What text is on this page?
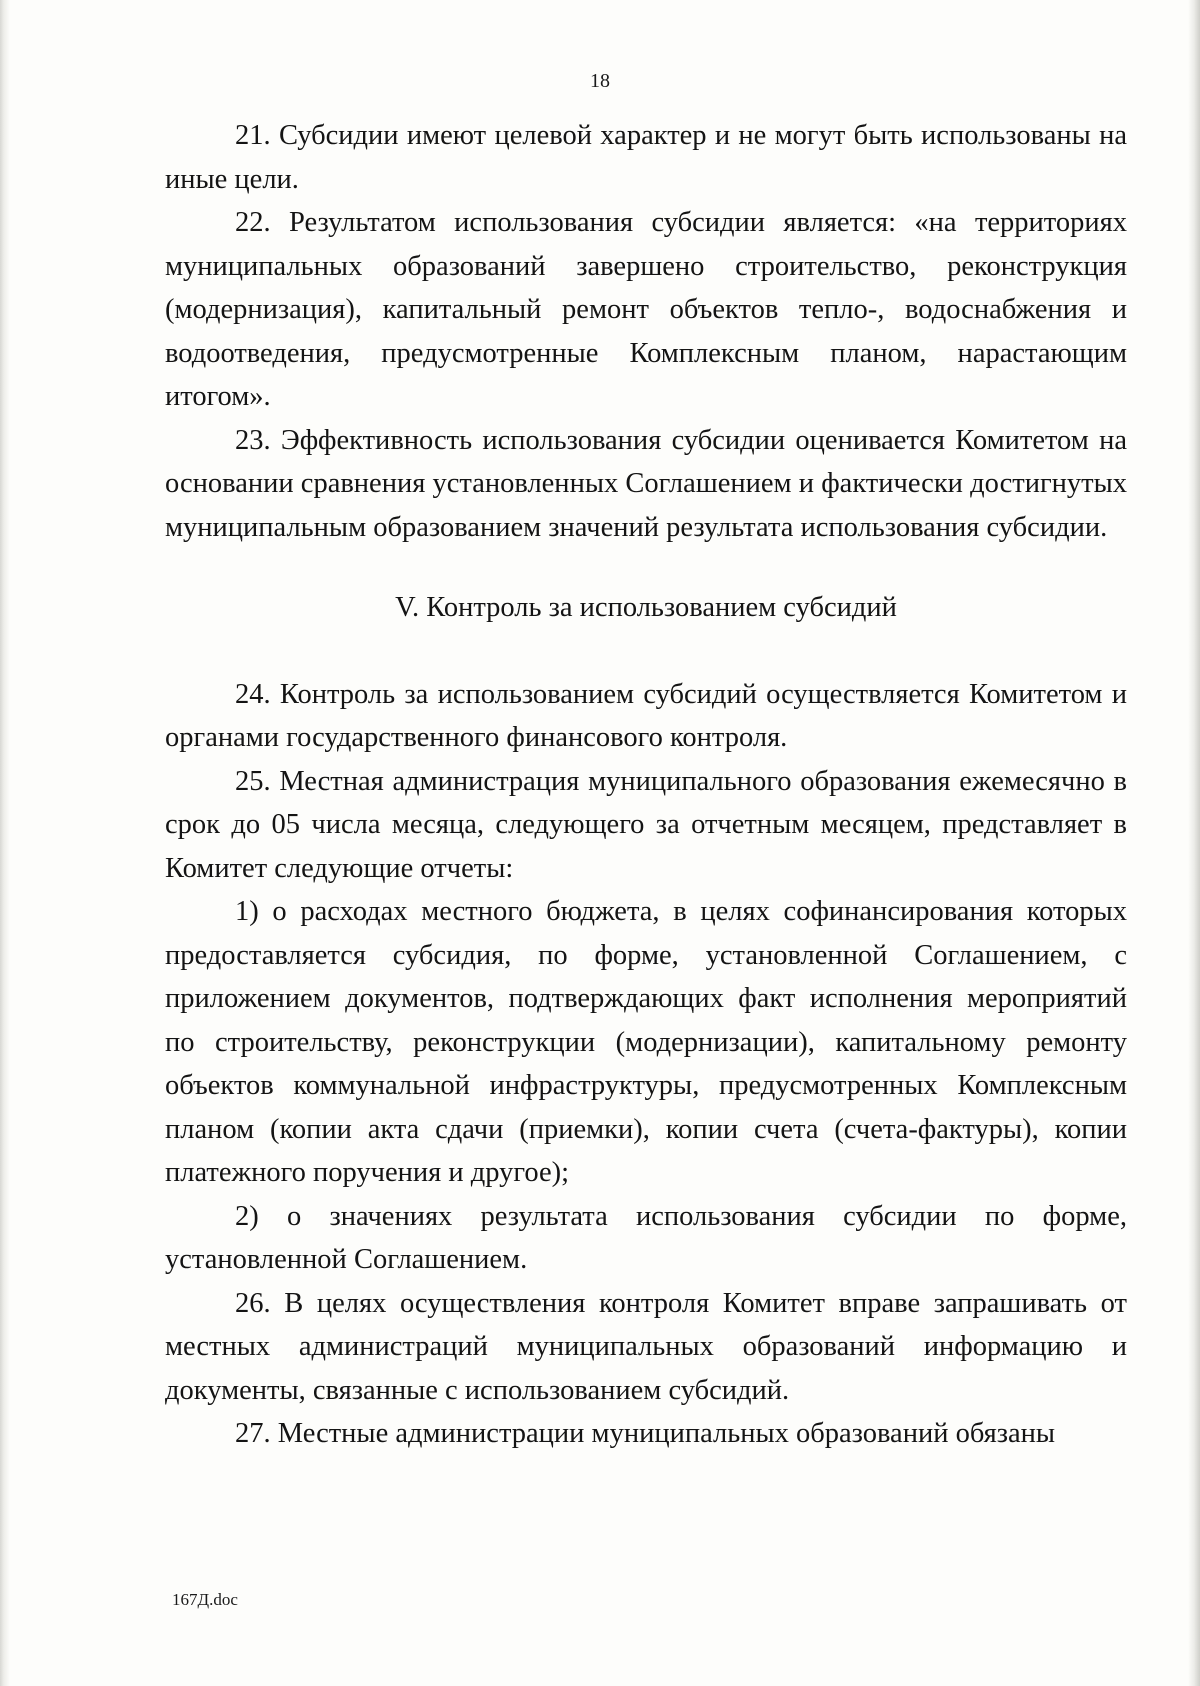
18

21. Субсидии имеют целевой характер и не могут быть использованы на иные цели.

22. Результатом использования субсидии является: «на территориях муниципальных образований завершено строительство, реконструкция (модернизация), капитальный ремонт объектов тепло-, водоснабжения и водоотведения, предусмотренные Комплексным планом, нарастающим итогом».

23. Эффективность использования субсидии оценивается Комитетом на основании сравнения установленных Соглашением и фактически достигнутых муниципальным образованием значений результата использования субсидии.

V. Контроль за использованием субсидий

24. Контроль за использованием субсидий осуществляется Комитетом и органами государственного финансового контроля.

25. Местная администрация муниципального образования ежемесячно в срок до 05 числа месяца, следующего за отчетным месяцем, представляет в Комитет следующие отчеты:

1) о расходах местного бюджета, в целях софинансирования которых предоставляется субсидия, по форме, установленной Соглашением, с приложением документов, подтверждающих факт исполнения мероприятий по строительству, реконструкции (модернизации), капитальному ремонту объектов коммунальной инфраструктуры, предусмотренных Комплексным планом (копии акта сдачи (приемки), копии счета (счета-фактуры), копии платежного поручения и другое);

2) о значениях результата использования субсидии по форме, установленной Соглашением.

26. В целях осуществления контроля Комитет вправе запрашивать от местных администраций муниципальных образований информацию и документы, связанные с использованием субсидий.

27. Местные администрации муниципальных образований обязаны

167Д.doc
